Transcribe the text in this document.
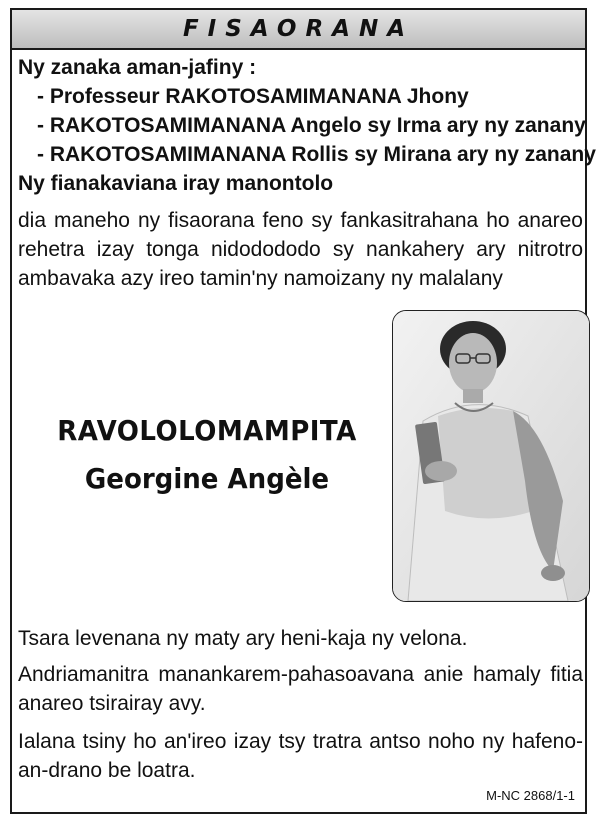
FISAORANA
Ny zanaka aman-jafiny :
- Professeur RAKOTOSAMIMANANA Jhony
- RAKOTOSAMIMANANA Angelo sy Irma ary ny zanany
- RAKOTOSAMIMANANA Rollis sy Mirana ary ny zanany
Ny fianakaviana iray manontolo
dia maneho ny fisaorana feno sy fankasitrahana ho anareo rehetra izay tonga nidodododo sy nankahery ary nitrotro ambavaka azy ireo tamin'ny namoizany ny malalany
RAVOLOLOMAMPITA
Georgine Angèle
Tsara levenana ny maty ary heni-kaja ny velona.
Andriamanitra manankarem-pahasoavana anie hamaly fitia anareo tsirairay avy.
Ialana tsiny ho an'ireo izay tsy tratra antso noho ny hafeno-an-drano be loatra.
M-NC 2868/1-1
